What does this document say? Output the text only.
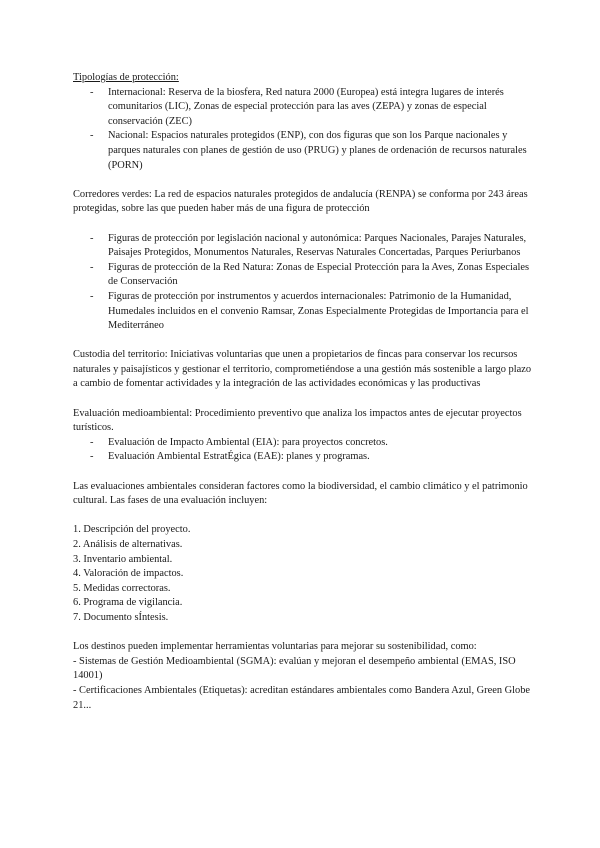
Tipologías de protección:

- Internacional: Reserva de la biosfera, Red natura 2000 (Europea) está integra lugares de interés comunitarios (LIC), Zonas de especial protección para las aves (ZEPA) y zonas de especial conservación (ZEC)
- Nacional: Espacios naturales protegidos (ENP), con dos figuras que son los Parque nacionales y parques naturales con planes de gestión de uso (PRUG) y planes de ordenación de recursos naturales (PORN)

Corredores verdes: La red de espacios naturales protegidos de andalucía (RENPA) se conforma por 243 áreas protegidas, sobre las que pueden haber más de una figura de protección

- Figuras de protección por legislación nacional y autonómica: Parques Nacionales, Parajes Naturales, Paisajes Protegidos, Monumentos Naturales, Reservas Naturales Concertadas, Parques Periurbanos
- Figuras de protección de la Red Natura: Zonas de Especial Protección para la Aves, Zonas Especiales de Conservación
- Figuras de protección por instrumentos y acuerdos internacionales: Patrimonio de la Humanidad, Humedales incluidos en el convenio Ramsar, Zonas Especialmente Protegidas de Importancia para el Mediterráneo

Custodia del territorio: Iniciativas voluntarias que unen a propietarios de fincas para conservar los recursos naturales y paisajísticos y gestionar el territorio, comprometiéndose a una gestión más sostenible a largo plazo a cambio de fomentar actividades y la integración de las actividades económicas y las productivas

Evaluación medioambiental: Procedimiento preventivo que analiza los impactos antes de ejecutar proyectos turísticos.

- Evaluación de Impacto Ambiental (EIA): para proyectos concretos.
- Evaluación Ambiental EstratÉgica (EAE): planes y programas.

Las evaluaciones ambientales consideran factores como la biodiversidad, el cambio climático y el patrimonio cultural. Las fases de una evaluación incluyen:

1. Descripción del proyecto.
2. Análisis de alternativas.
3. Inventario ambiental.
4. Valoración de impactos.
5. Medidas correctoras.
6. Programa de vigilancia.
7. Documento sÍntesis.

Los destinos pueden implementar herramientas voluntarias para mejorar su sostenibilidad, como:

- Sistemas de Gestión Medioambiental (SGMA): evalúan y mejoran el desempeño ambiental (EMAS, ISO 14001)

- Certificaciones Ambientales (Etiquetas): acreditan estándares ambientales como Bandera Azul, Green Globe 21...
